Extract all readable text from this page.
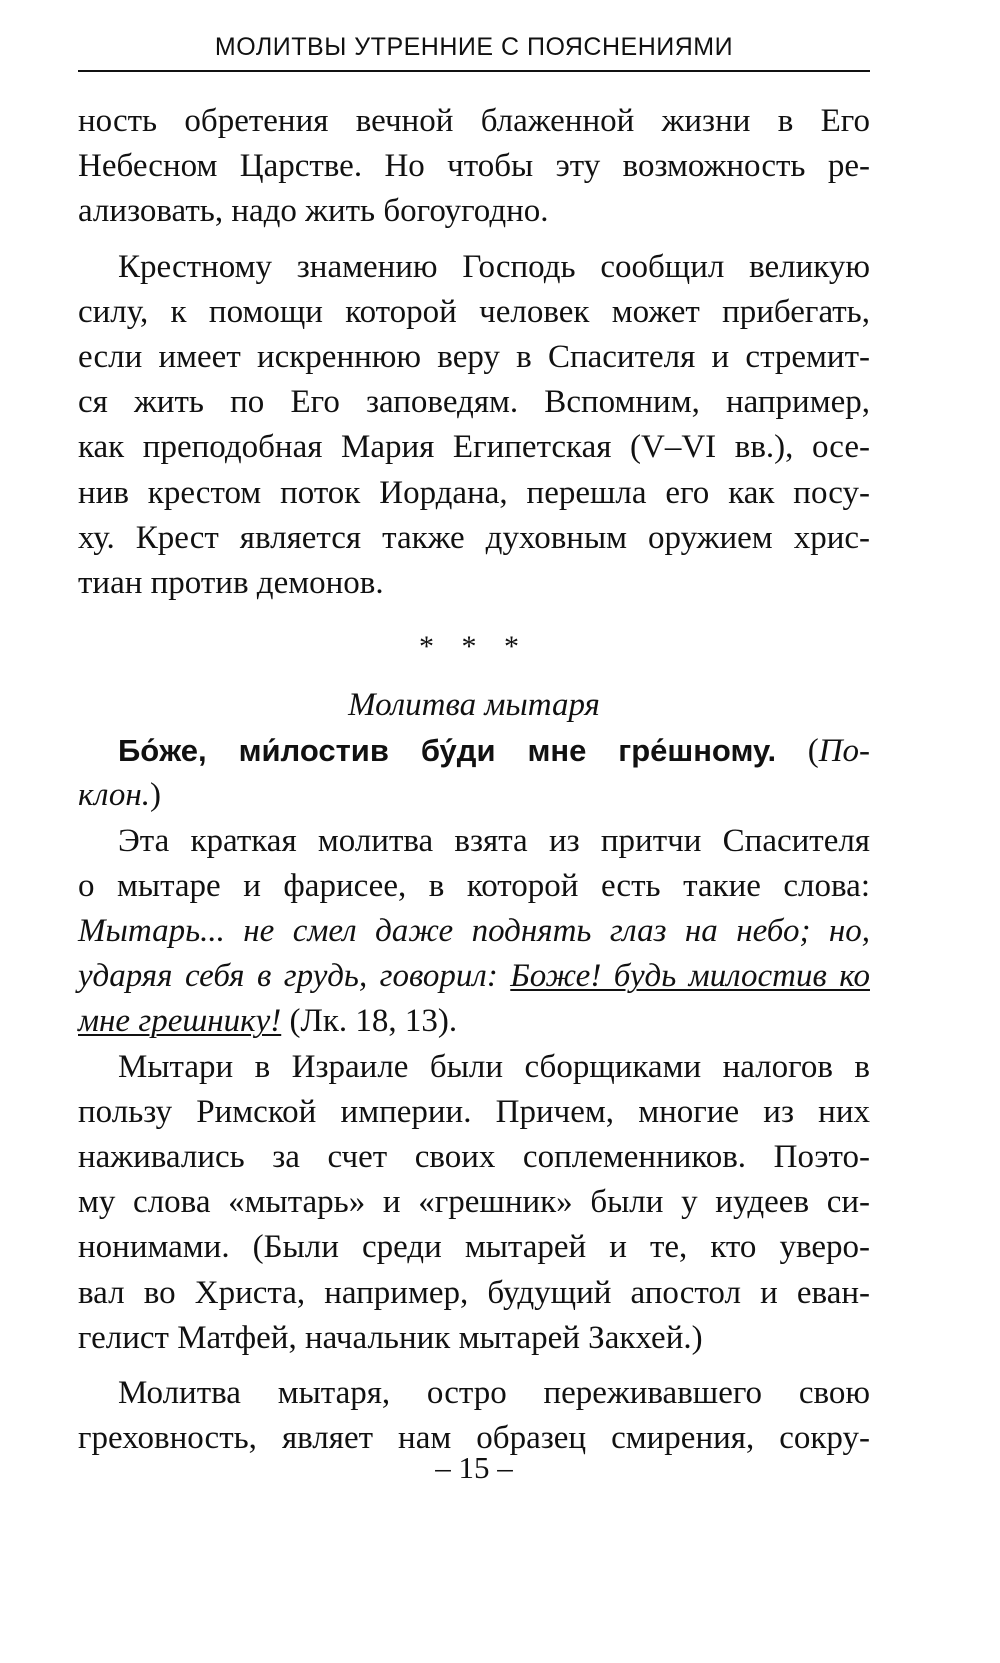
МОЛИТВЫ УТРЕННИЕ С ПОЯСНЕНИЯМИ
ность обретения вечной блаженной жизни в Его
Небесном Царстве. Но чтобы эту возможность ре-
ализовать, надо жить богоугодно.
Крестному знамению Господь сообщил великую
силу, к помощи которой человек может прибегать,
если имеет искреннюю веру в Спасителя и стремит-
ся жить по Его заповедям. Вспомним, например,
как преподобная Мария Египетская (V–VI вв.), осе-
нив крестом поток Иордана, перешла его как посу-
ху. Крест является также духовным оружием хрис-
тиан против демонов.
* * *
Молитва мытаря
Бо́же, ми́лостив бу́ди мне гре́шному. (По-
клон.)
Эта краткая молитва взята из притчи Спасителя
о мытаре и фарисее, в которой есть такие слова:
Мытарь... не смел даже поднять глаз на небо; но,
ударяя себя в грудь, говорил: Боже! будь милостив ко
мне грешнику! (Лк. 18, 13).
Мытари в Израиле были сборщиками налогов в
пользу Римской империи. Причем, многие из них
наживались за счет своих соплеменников. Поэто-
му слова «мытарь» и «грешник» были у иудеев си-
нонимами. (Были среди мытарей и те, кто уверо-
вал во Христа, например, будущий апостол и еван-
гелист Матфей, начальник мытарей Закхей.)
Молитва мытаря, остро переживавшего свою
греховность, являет нам образец смирения, сокру-
– 15 –
